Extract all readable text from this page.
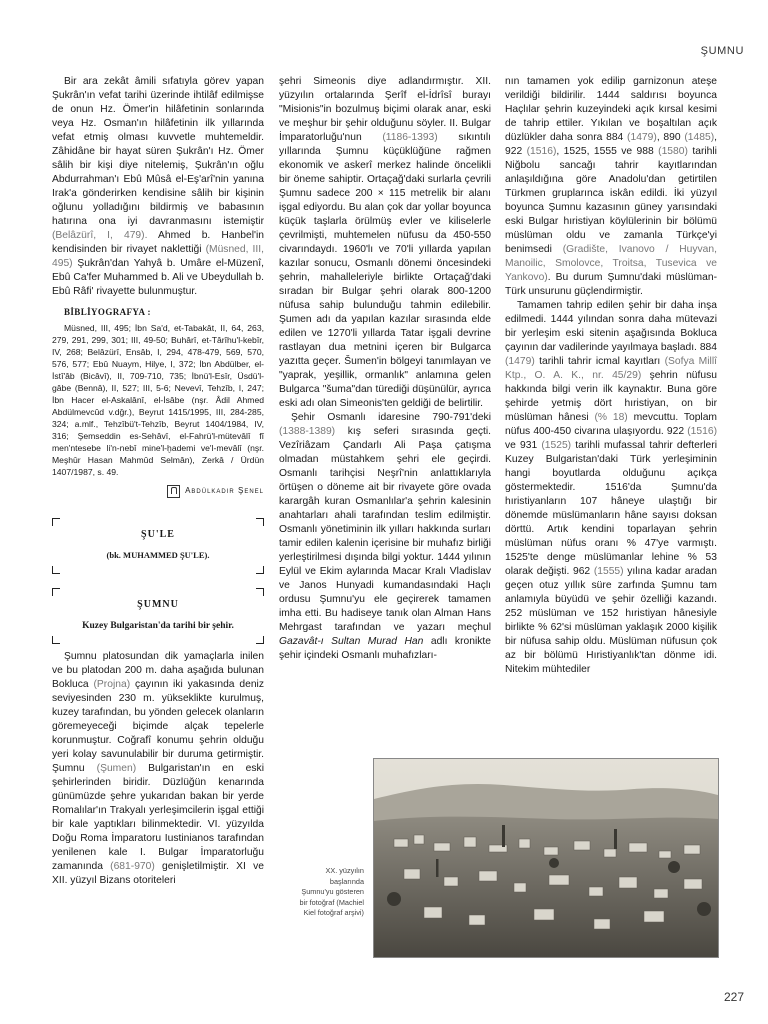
ŞUMNU

Bir ara zekât âmili sıfatıyla görev yapan Şukrân'ın vefat tarihi üzerinde ihtilâf edilmişse de onun Hz. Ömer'in hilâfetinin sonlarında veya Hz. Osman'ın hilâfetinin ilk yıllarında vefat etmiş olması kuvvetle muhtemeldir. Zâhidâne bir hayat süren Şukrân'ı Hz. Ömer sâlih bir kişi diye nitelemiş, Şukrân'ın oğlu Abdurrahman'ı Ebû Mûsâ el-Eş'arî'nin yanına Irak'a gönderirken kendisine sâlih bir kişinin oğlunu yolladığını bildirmiş ve babasının hatırına ona iyi davranmasını istemiştir (Belâzürî, I, 479). Ahmed b. Hanbel'in kendisinden bir rivayet naklettiği (Müsned, III, 495) Şukrân'dan Yahyâ b. Umâre el-Müzenî, Ebû Ca'fer Muhammed b. Ali ve Ubeydullah b. Ebû Râfi' rivayette bulunmuştur.

BİBLİYOGRAFYA :
Müsned, III, 495; İbn Sa'd, et-Tabakât, II, 64, 263, 279, 291, 299, 301; III, 49-50; Buhârî, et-Târîhu'l-kebîr, IV, 268; Belâzürî, Ensâb, I, 294, 478-479, 569, 570, 576, 577; Ebû Nuaym, Hilye, I, 372; İbn Abdülber, el-İstî'âb (Bicâvî), II, 709-710, 735; İbnü'l-Esîr, Üsdü'l-gâbe (Bennâ), II, 527; III, 5-6; Nevevî, Tehzîb, I, 247; İbn Hacer el-Askalânî, el-İsâbe (nşr. Âdil Ahmed Abdülmevcûd v.dğr.), Beyrut 1415/1995, III, 284-285, 324; a.mlf., Tehzîbü't-Tehzîb, Beyrut 1404/1984, IV, 316; Şemseddin es-Sehâvî, el-Fahrü'l-mütevâlî fî men'ntesebe li'n-nebî mine'l-ḫademi ve'l-mevâlî (nşr. Meşhûr Hasan Mahmûd Selmân), Zerkâ / Ürdün 1407/1987, s. 49.
Abdülkadir Şenel
ŞU'LE
(bk. MUHAMMED ŞU'LE).
ŞUMNU
Kuzey Bulgaristan'da tarihi bir şehir.

Şumnu platosundan dik yamaçlarla inilen ve bu platodan 200 m. daha aşağıda bulunan Bokluca (Projna) çayının iki yakasında deniz seviyesinden 230 m. yükseklikte kurulmuş, kuzey tarafından, bu yönden gelecek olanların göremeyeceği biçimde alçak tepelerle korunmuştur. Coğrafî konumu şehrin olduğu yeri kolay savunulabilir bir duruma getirmiştir. Şumnu (Şumen) Bulgaristan'ın en eski şehirlerinden biridir. Düzlüğün kenarında günümüzde şehre yukarıdan bakan bir yerde Romalılar'ın Trakyalı yerleşimcilerin işgal ettiği bir kale yaptıkları bilinmektedir. VI. yüzyılda Doğu Roma İmparatoru Iustinianos tarafından yenilenen kale I. Bulgar İmparatorluğu zamanında (681-970) genişletilmiştir. XI ve XII. yüzyıl Bizans otoriteleri

şehri Simeonis diye adlandırmıştır. XII. yüzyılın ortalarında Şerîf el-İdrîsî burayı "Misionis"in bozulmuş biçimi olarak anar, eski ve meşhur bir şehir olduğunu söyler. II. Bulgar İmparatorluğu'nun (1186-1393) sıkıntılı yıllarında Şumnu küçüklüğüne rağmen ekonomik ve askerî merkez halinde öncelikli bir öneme sahiptir. Ortaçağ'daki surlarla çevrili Şumnu sadece 200 × 115 metrelik bir alanı işgal ediyordu. Bu alan çok dar yollar boyunca küçük taşlarla örülmüş evler ve kiliselerle çevrilmişti, muhtemelen nüfusu da 450-550 civarındaydı. 1960'lı ve 70'li yıllarda yapılan kazılar sonucu, Osmanlı dönemi öncesindeki şehrin, mahalleleriyle birlikte Ortaçağ'daki sıradan bir Bulgar şehri olarak 800-1200 nüfusa sahip bulunduğu tahmin edilebilir. Şumen adı da yapılan kazılar sırasında elde edilen ve 1270'li yıllarda Tatar işgali devrine rastlayan dua metnini içeren bir Bulgarca yazıtta geçer. Šumen'in bölgeyi tanımlayan ve "yaprak, yeşillik, ormanlık" anlamına gelen Bulgarca "šuma"dan türediği düşünülür, ayrıca eski adı olan Simeonis'ten geldiği de belirtilir.

Şehir Osmanlı idaresine 790-791'deki (1388-1389) kış seferi sırasında geçti. Vezîriâzam Çandarlı Ali Paşa çatışma olmadan müstahkem şehri ele geçirdi. Osmanlı tarihçisi Neşrî'nin anlattıklarıyla örtüşen o döneme ait bir rivayete göre ovada karargâh kuran Osmanlılar'a şehrin kalesinin anahtarları ahali tarafından teslim edilmiştir. Osmanlı yönetiminin ilk yılları hakkında surları tamir edilen kalenin içerisine bir muhafız birliği yerleştirilmesi dışında bilgi yoktur. 1444 yılının Eylül ve Ekim aylarında Macar Kralı Vladislav ve Janos Hunyadi kumandasındaki Haçlı ordusu Şumnu'yu ele geçirerek tamamen imha etti. Bu hadiseye tanık olan Alman Hans Mehrgast tarafından ve yazarı meçhul Gazavât-ı Sultan Murad Han adlı kronikte şehir içindeki Osmanlı muhafızları-

nın tamamen yok edilip garnizonun ateşe verildiği bildirilir. 1444 saldırısı boyunca Haçlılar şehrin kuzeyindeki açık kırsal kesimi de tahrip ettiler. Yıkılan ve boşaltılan açık düzlükler daha sonra 884 (1479), 890 (1485), 922 (1516), 1525, 1555 ve 988 (1580) tarihli Niğbolu sancağı tahrir kayıtlarından anlaşıldığına göre Anadolu'dan getirtilen Türkmen gruplarınca iskân edildi. İki yüzyıl boyunca Şumnu kazasının güney yarısındaki eski Bulgar hıristiyan köylülerinin bir bölümü müslüman oldu ve zamanla Türkçe'yi benimsedi (Gradište, Ivanovo / Huyvan, Manoilic, Smolovce, Troitsa, Tusevica ve Yankovo). Bu durum Şumnu'daki müslüman-Türk unsurunu güçlendirmiştir.

Tamamen tahrip edilen şehir bir daha inşa edilmedi. 1444 yılından sonra daha mütevazi bir yerleşim eski sitenin aşağısında Bokluca çayının dar vadilerinde yayılmaya başladı. 884 (1479) tarihli tahrir icmal kayıtları (Sofya Millî Ktp., O. A. K., nr. 45/29) şehrin nüfusu hakkında bilgi verin ilk kaynaktır. Buna göre şehirde yetmiş dört hıristiyan, on bir müslüman hânesi (% 18) mevcuttu. Toplam nüfus 400-450 civarına ulaşıyordu. 922 (1516) ve 931 (1525) tarihli mufassal tahrir defterleri Kuzey Bulgaristan'daki Türk yerleşiminin hangi boyutlarda olduğunu açıkça göstermektedir. 1516'da Şumnu'da hıristiyanların 107 hâneye ulaştığı bir dönemde müslümanların hâne sayısı doksan dörttü. Artık kendini toparlayan şehrin müslüman nüfus oranı % 47'ye varmıştı. 1525'te dengе müslümanlar lehine % 53 olarak değişti. 962 (1555) yılına kadar aradan geçen otuz yıllık süre zarfında Şumnu tam anlamıyla büyüdü ve şehir özelliği kazandı. 252 müslüman ve 152 hıristiyan hânesiyle birlikte % 62'si müslüman yaklaşık 2000 kişilik bir nüfusa sahip oldu. Müslüman nüfusun çok az bir bölümü Hıristiyanlık'tan dönme idi. Nitekim mühtediler

XX. yüzyılın başlarında Şumnu'yu gösteren bir fotoğraf (Machiel Kiel fotoğraf arşivi)
227
